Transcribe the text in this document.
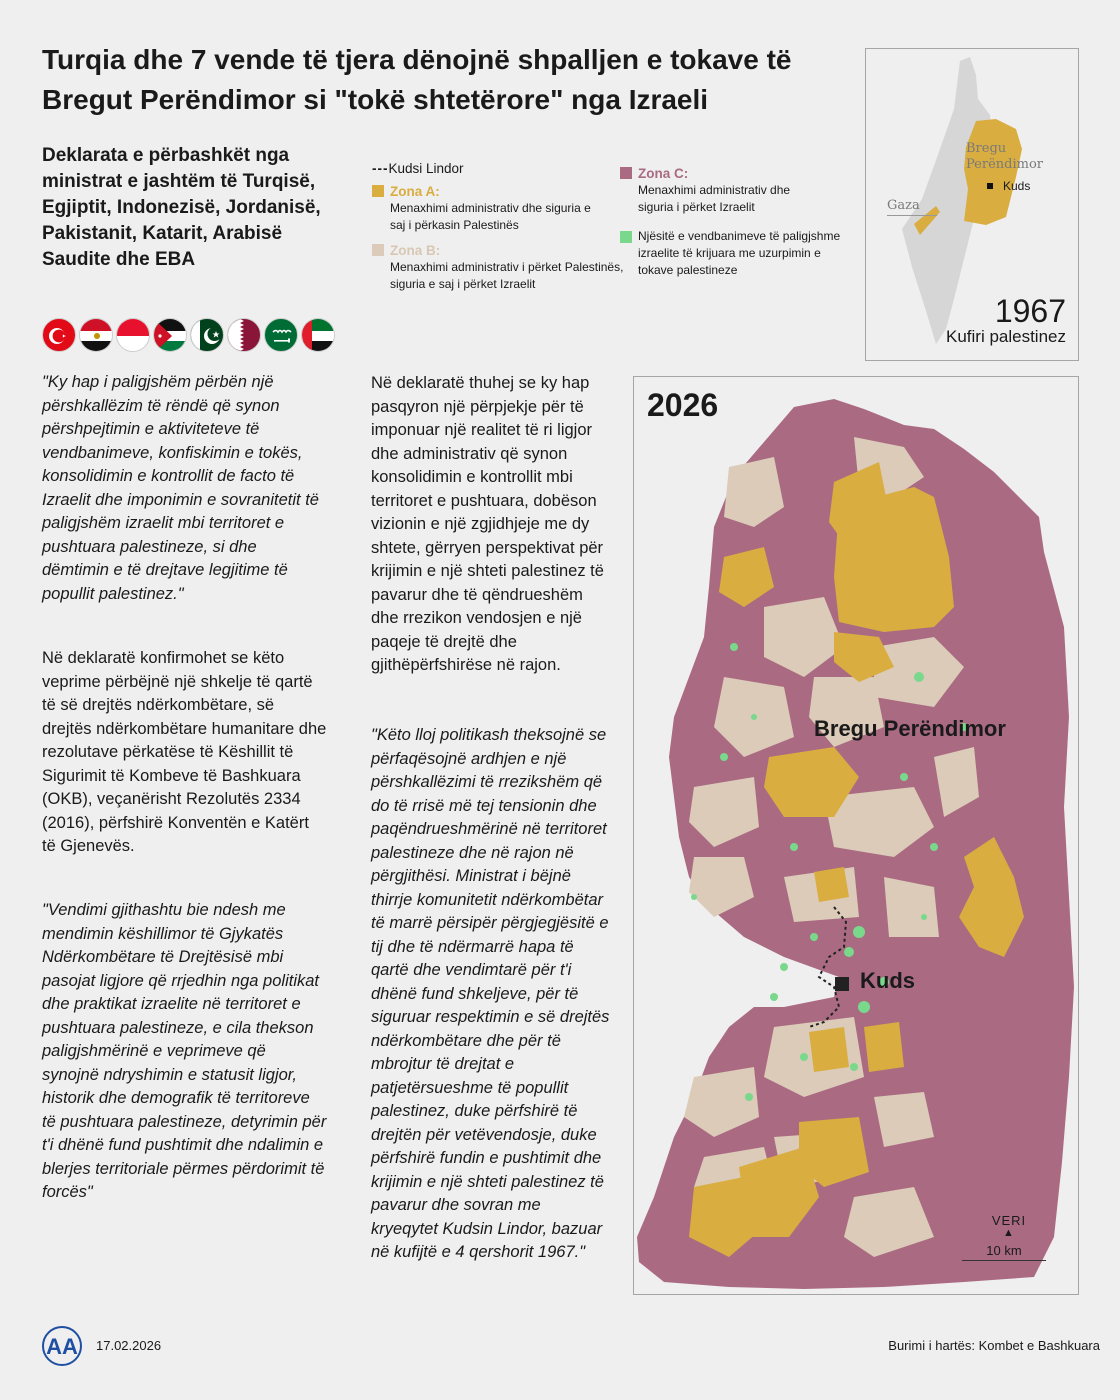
Turqia dhe 7 vende të tjera dënojnë shpalljen e tokave të Bregut Perëndimor si "tokë shtetërore" nga Izraeli

Deklarata e përbashkët nga ministrat e jashtëm të Turqisë, Egjiptit, Indonezisë, Jordanisë, Pakistanit, Katarit, Arabisë Saudite dhe EBA

---Kudsi Lindor
Zona A:
Menaxhimi administrativ dhe siguria e saj i përkasin Palestinës
Zona B:
Menaxhimi administrativ i përket Palestinës, siguria e saj i përket Izraelit
Zona C:
Menaxhimi administrativ dhe siguria i përket Izraelit
Njësitë e vendbanimeve të paligjshme izraelite të krijuara me uzurpimin e tokave palestineze

"Ky hap i paligjshëm përbën një përshkallëzim të rëndë që synon përshpejtimin e aktiviteteve të vendbanimeve, konfiskimin e tokës, konsolidimin e kontrollit de facto të Izraelit dhe imponimin e sovranitetit të paligjshëm izraelit mbi territoret e pushtuara palestineze, si dhe dëmtimin e të drejtave legjitime të popullit palestinez."

Në deklaratë konfirmohet se këto veprime përbëjnë një shkelje të qartë të së drejtës ndërkombëtare, së drejtës ndërkombëtare humanitare dhe rezolutave përkatëse të Këshillit të Sigurimit të Kombeve të Bashkuara (OKB), veçanërisht Rezolutës 2334 (2016), përfshirë Konventën e Katërt të Gjenevës.

"Vendimi gjithashtu bie ndesh me mendimin këshillimor të Gjykatës Ndërkombëtare të Drejtësisë mbi pasojat ligjore që rrjedhin nga politikat dhe praktikat izraelite në territoret e pushtuara palestineze, e cila thekson paligjshmërinë e veprimeve që synojnë ndryshimin e statusit ligjor, historik dhe demografik të territoreve të pushtuara palestineze, detyrimin për t'i dhënë fund pushtimit dhe ndalimin e blerjes territoriale përmes përdorimit të forcës"

Në deklaratë thuhej se ky hap pasqyron një përpjekje për të imponuar një realitet të ri ligjor dhe administrativ që synon konsolidimin e kontrollit mbi territoret e pushtuara, dobëson vizionin e një zgjidhjeje me dy shtete, gërryen perspektivat për krijimin e një shteti palestinez të pavarur dhe të qëndrueshëm dhe rrezikon vendosjen e një paqeje të drejtë dhe gjithëpërfshirëse në rajon.

"Këto lloj politikash theksojnë se përfaqësojnë ardhjen e një përshkallëzimi të rrezikshëm që do të rrisë më tej tensionin dhe paqëndrueshmërinë në territoret palestineze dhe në rajon në përgjithësi. Ministrat i bëjnë thirrje komunitetit ndërkombëtar të marrë përsipër përgjegjësitë e tij dhe të ndërmarrë hapa të qartë dhe vendimtarë për t'i dhënë fund shkeljeve, për të siguruar respektimin e së drejtës ndërkombëtare dhe për të mbrojtur të drejtat e patjetërsueshme të popullit palestinez, duke përfshirë të drejtën për vetëvendosje, duke përfshirë fundin e pushtimit dhe krijimin e një shteti palestinez të pavarur dhe sovran me kryeqytet Kudsin Lindor, bazuar në kufijtë e 4 qershorit 1967."

Bregu Perëndimor
Kuds
Gaza
1967
Kufiri palestinez
2026
Bregu Perëndimor
Kuds
VERI
▲
10 km
AA 17.02.2026	Burimi i hartës: Kombet e Bashkuara
